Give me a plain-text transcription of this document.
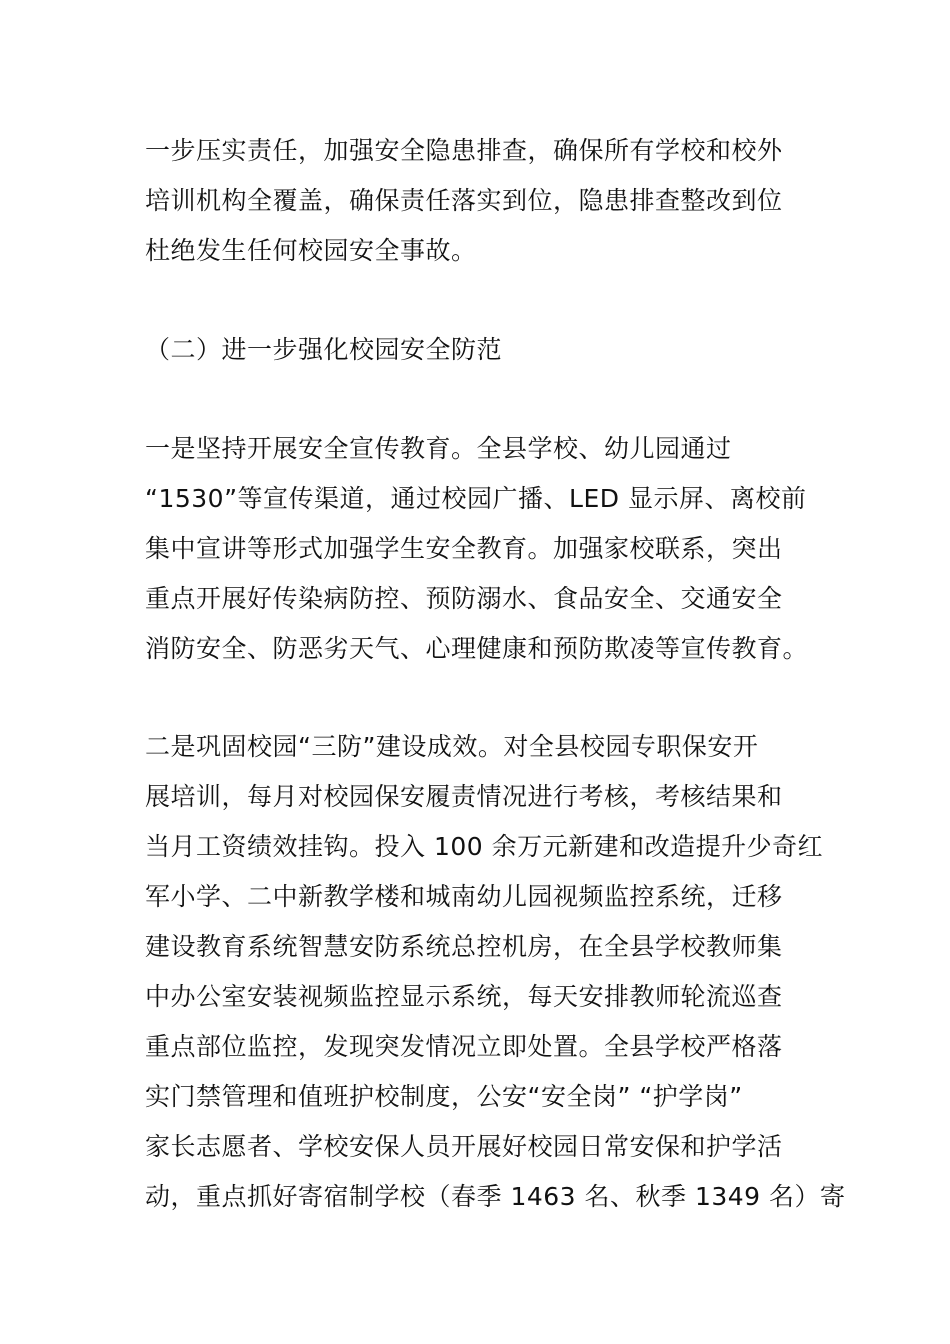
一步压实责任，加强安全隐患排查，确保所有学校和校外
培训机构全覆盖，确保责任落实到位，隐患排查整改到位
杜绝发生任何校园安全事故。
（二）进一步强化校园安全防范
一是坚持开展安全宣传教育。全县学校、幼儿园通过
“1530”等宣传渠道，通过校园广播、LED 显示屏、离校前
集中宣讲等形式加强学生安全教育。加强家校联系，突出
重点开展好传染病防控、预防溺水、食品安全、交通安全
消防安全、防恶劣天气、心理健康和预防欺凌等宣传教育。
二是巩固校园“三防”建设成效。对全县校园专职保安开
展培训，每月对校园保安履责情况进行考核，考核结果和
当月工资绩效挂钩。投入 100 余万元新建和改造提升少奇红
军小学、二中新教学楼和城南幼儿园视频监控系统，迁移
建设教育系统智慧安防系统总控机房，在全县学校教师集
中办公室安装视频监控显示系统，每天安排教师轮流巡查
重点部位监控，发现突发情况立即处置。全县学校严格落
实门禁管理和值班护校制度，公安“安全岗” “护学岗”
家长志愿者、学校安保人员开展好校园日常安保和护学活
动，重点抓好寄宿制学校（春季 1463 名、秋季 1349 名）寄
